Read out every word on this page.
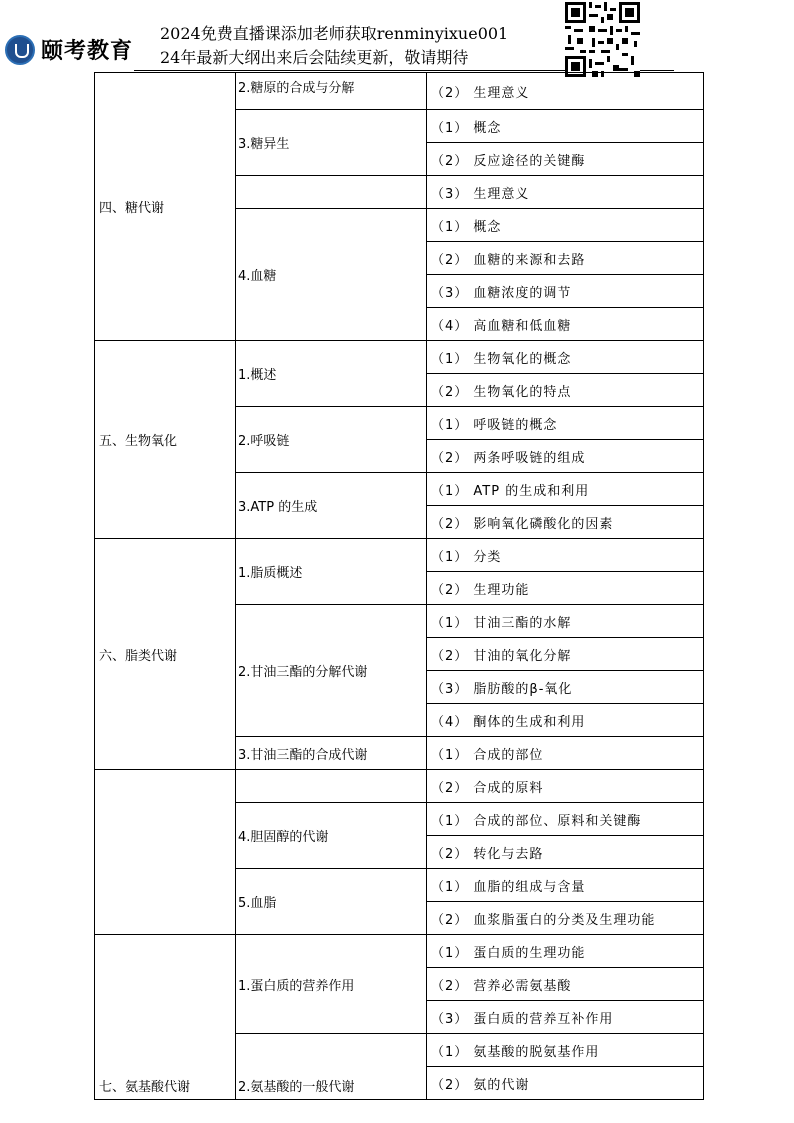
颐考教育
2024免费直播课添加老师获取renminyixue001
24年最新大纲出来后会陆续更新，敬请期待
四、糖代谢	2.糖原的合成与分解	（2） 生理意义
	3.糖异生	（1） 概念
		（2） 反应途径的关键酶
		（3） 生理意义
	4.血糖	（1） 概念
		（2） 血糖的来源和去路
		（3） 血糖浓度的调节
		（4） 高血糖和低血糖
五、生物氧化	1.概述	（1） 生物氧化的概念
		（2） 生物氧化的特点
	2.呼吸链	（1） 呼吸链的概念
		（2） 两条呼吸链的组成
	3.ATP 的生成	（1） ATP 的生成和利用
		（2） 影响氧化磷酸化的因素
六、脂类代谢	1.脂质概述	（1） 分类
		（2） 生理功能
	2.甘油三酯的分解代谢	（1） 甘油三酯的水解
		（2） 甘油的氧化分解
		（3） 脂肪酸的β-氧化
		（4） 酮体的生成和利用
	3.甘油三酯的合成代谢	（1） 合成的部位
		（2） 合成的原料
	4.胆固醇的代谢	（1） 合成的部位、原料和关键酶
		（2） 转化与去路
	5.血脂	（1） 血脂的组成与含量
		（2） 血浆脂蛋白的分类及生理功能
七、氨基酸代谢	1.蛋白质的营养作用	（1） 蛋白质的生理功能
		（2） 营养必需氨基酸
		（3） 蛋白质的营养互补作用
	2.氨基酸的一般代谢	（1） 氨基酸的脱氨基作用
		（2） 氨的代谢
